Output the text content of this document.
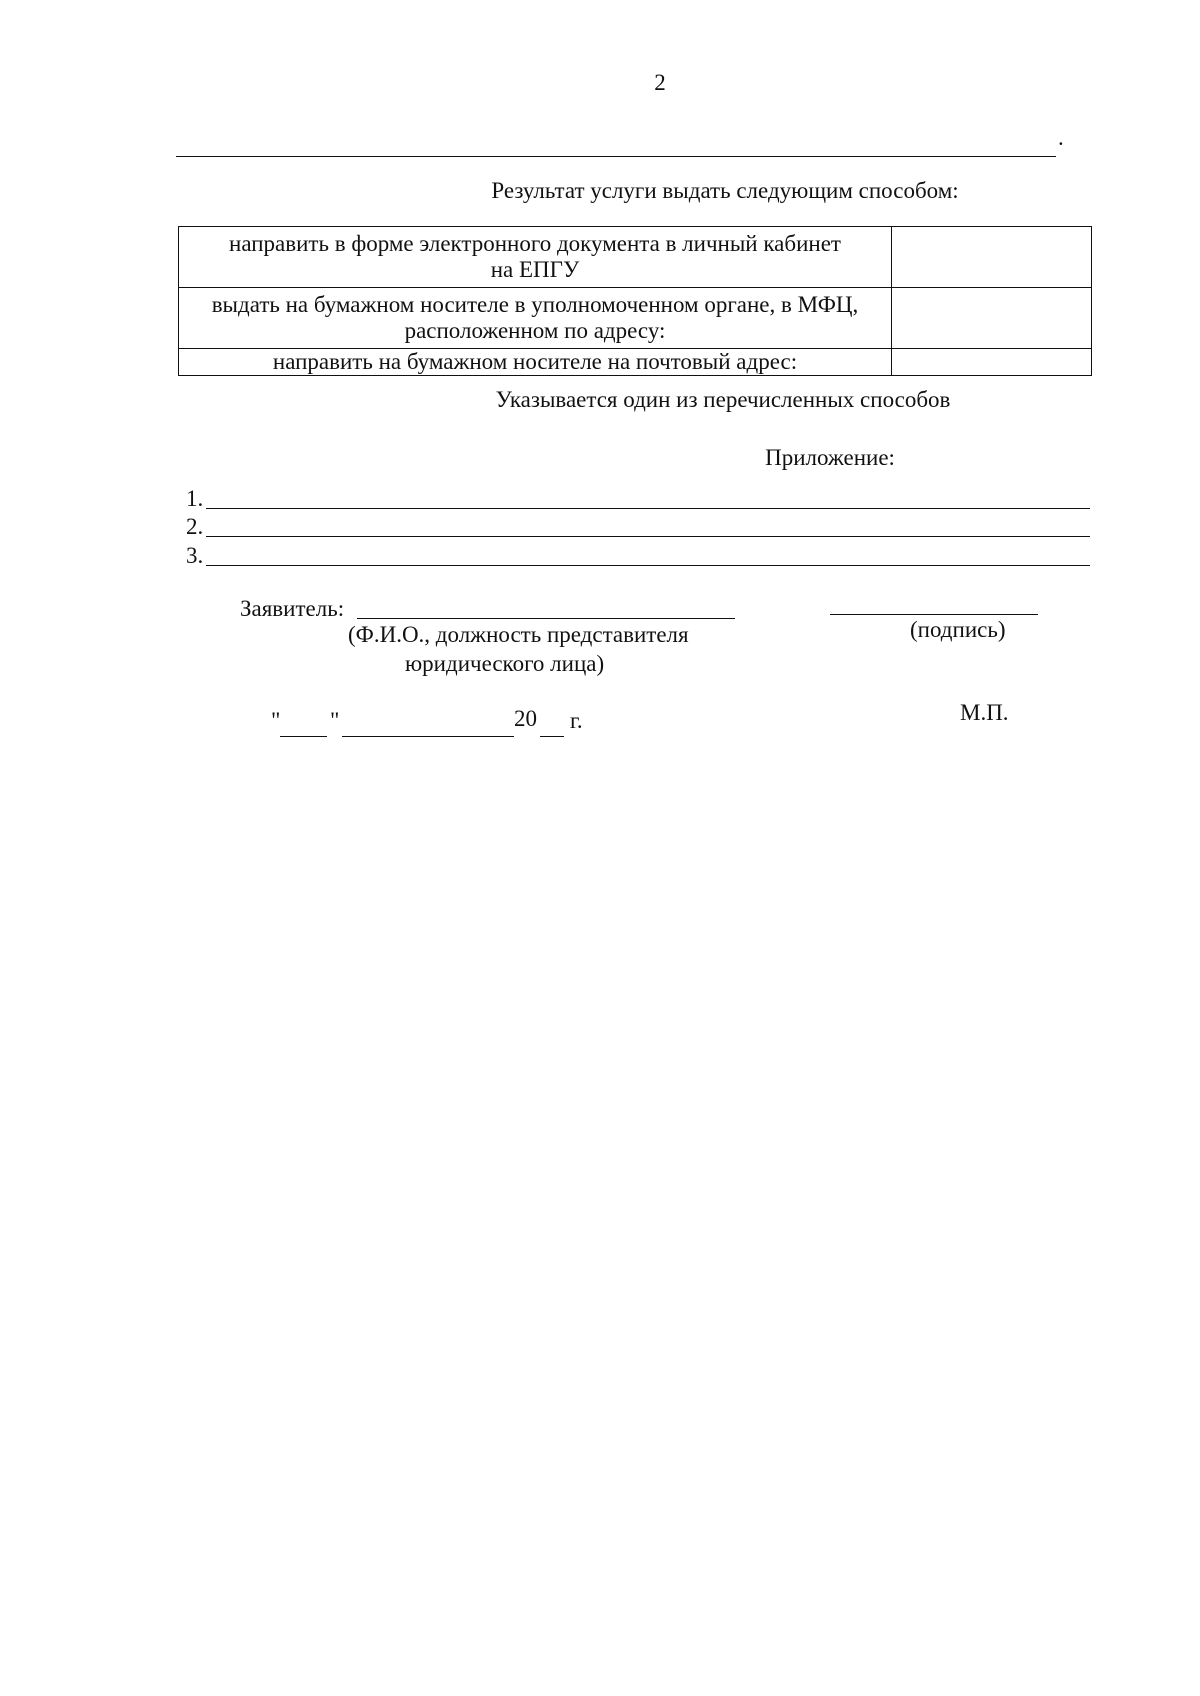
2
.
Результат услуги выдать следующим способом:
направить в форме электронного документа в личный кабинет
на ЕПГУ	

выдать на бумажном носителе в уполномоченном органе, в МФЦ,
расположенном по адресу:	

направить на бумажном носителе на почтовый адрес:	

Указывается один из перечисленных способов
Приложение:
1.
2.
3.
Заявитель:
(Ф.И.О., должность представителя
юридического лица)
(подпись)
" "	20 г.	М.П.
